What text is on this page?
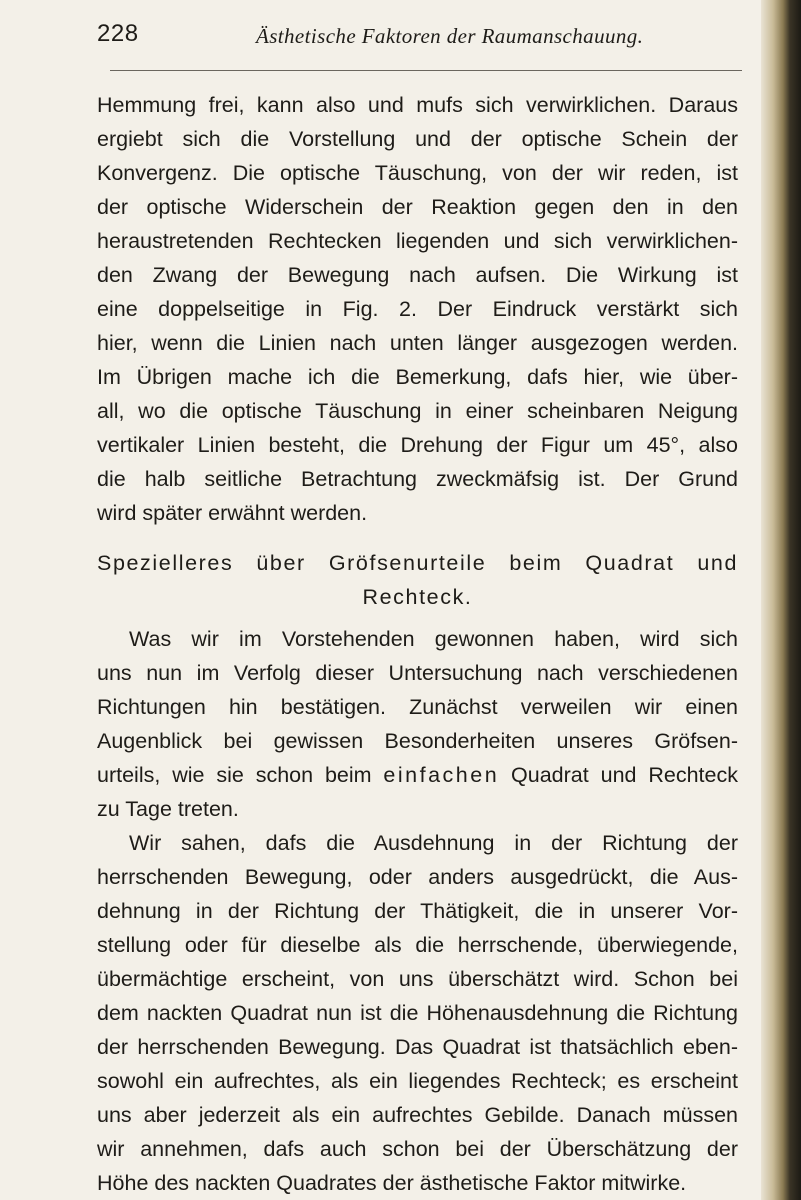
228	Ästhetische Faktoren der Raumanschauung.
Hemmung frei, kann also und mufs sich verwirklichen. Daraus
ergiebt sich die Vorstellung und der optische Schein der
Konvergenz. Die optische Täuschung, von der wir reden, ist
der optische Widerschein der Reaktion gegen den in den
heraustretenden Rechtecken liegenden und sich verwirklichen-
den Zwang der Bewegung nach aufsen. Die Wirkung ist
eine doppelseitige in Fig. 2. Der Eindruck verstärkt sich
hier, wenn die Linien nach unten länger ausgezogen werden.
Im Übrigen mache ich die Bemerkung, dafs hier, wie über-
all, wo die optische Täuschung in einer scheinbaren Neigung
vertikaler Linien besteht, die Drehung der Figur um 45°, also
die halb seitliche Betrachtung zweckmäfsig ist. Der Grund
wird später erwähnt werden.
Spezielleres über Gröfsenurteile beim Quadrat und
Rechteck.
Was wir im Vorstehenden gewonnen haben, wird sich
uns nun im Verfolg dieser Untersuchung nach verschiedenen
Richtungen hin bestätigen. Zunächst verweilen wir einen
Augenblick bei gewissen Besonderheiten unseres Gröfsen-
urteils, wie sie schon beim einfachen Quadrat und Rechteck
zu Tage treten.
Wir sahen, dafs die Ausdehnung in der Richtung der
herrschenden Bewegung, oder anders ausgedrückt, die Aus-
dehnung in der Richtung der Thätigkeit, die in unserer Vor-
stellung oder für dieselbe als die herrschende, überwiegende,
übermächtige erscheint, von uns überschätzt wird. Schon bei
dem nackten Quadrat nun ist die Höhenausdehnung die Richtung
der herrschenden Bewegung. Das Quadrat ist thatsächlich eben-
sowohl ein aufrechtes, als ein liegendes Rechteck; es erscheint
uns aber jederzeit als ein aufrechtes Gebilde. Danach müssen
wir annehmen, dafs auch schon bei der Überschätzung der
Höhe des nackten Quadrates der ästhetische Faktor mitwirke.
